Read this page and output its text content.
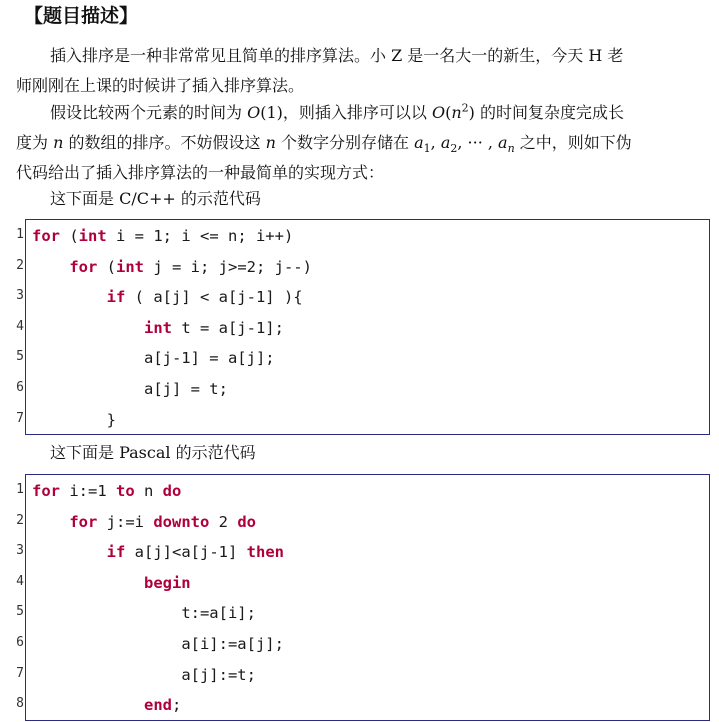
【题目描述】
插入排序是一种非常常见且简单的排序算法。小 Z 是一名大一的新生，今天 H 老
师刚刚在上课的时候讲了插入排序算法。
假设比较两个元素的时间为 O(1)，则插入排序可以以 $O(n^2)$ 的时间复杂度完成长
度为 n 的数组的排序。不妨假设这 n 个数字分别存储在 $a_1$, $a_2$, ··· , $a_n$ 之中，则如下伪
代码给出了插入排序算法的一种最简单的实现方式：
这下面是 C/C++ 的示范代码
1
2
3
4
5
6
7
for (int i = 1; i <= n; i++)
for (int j = i; j>=2; j--)
if ( a[j] < a[j-1] ){
int t = a[j-1];
a[j-1] = a[j];
a[j] = t;
}
这下面是 Pascal 的示范代码
1
2
3
4
5
6
7
8
for i:=1 to n do
for j:=i downto 2 do
if a[j]<a[j-1] then
begin
t:=a[i];
a[i]:=a[j];
a[j]:=t;
end;
